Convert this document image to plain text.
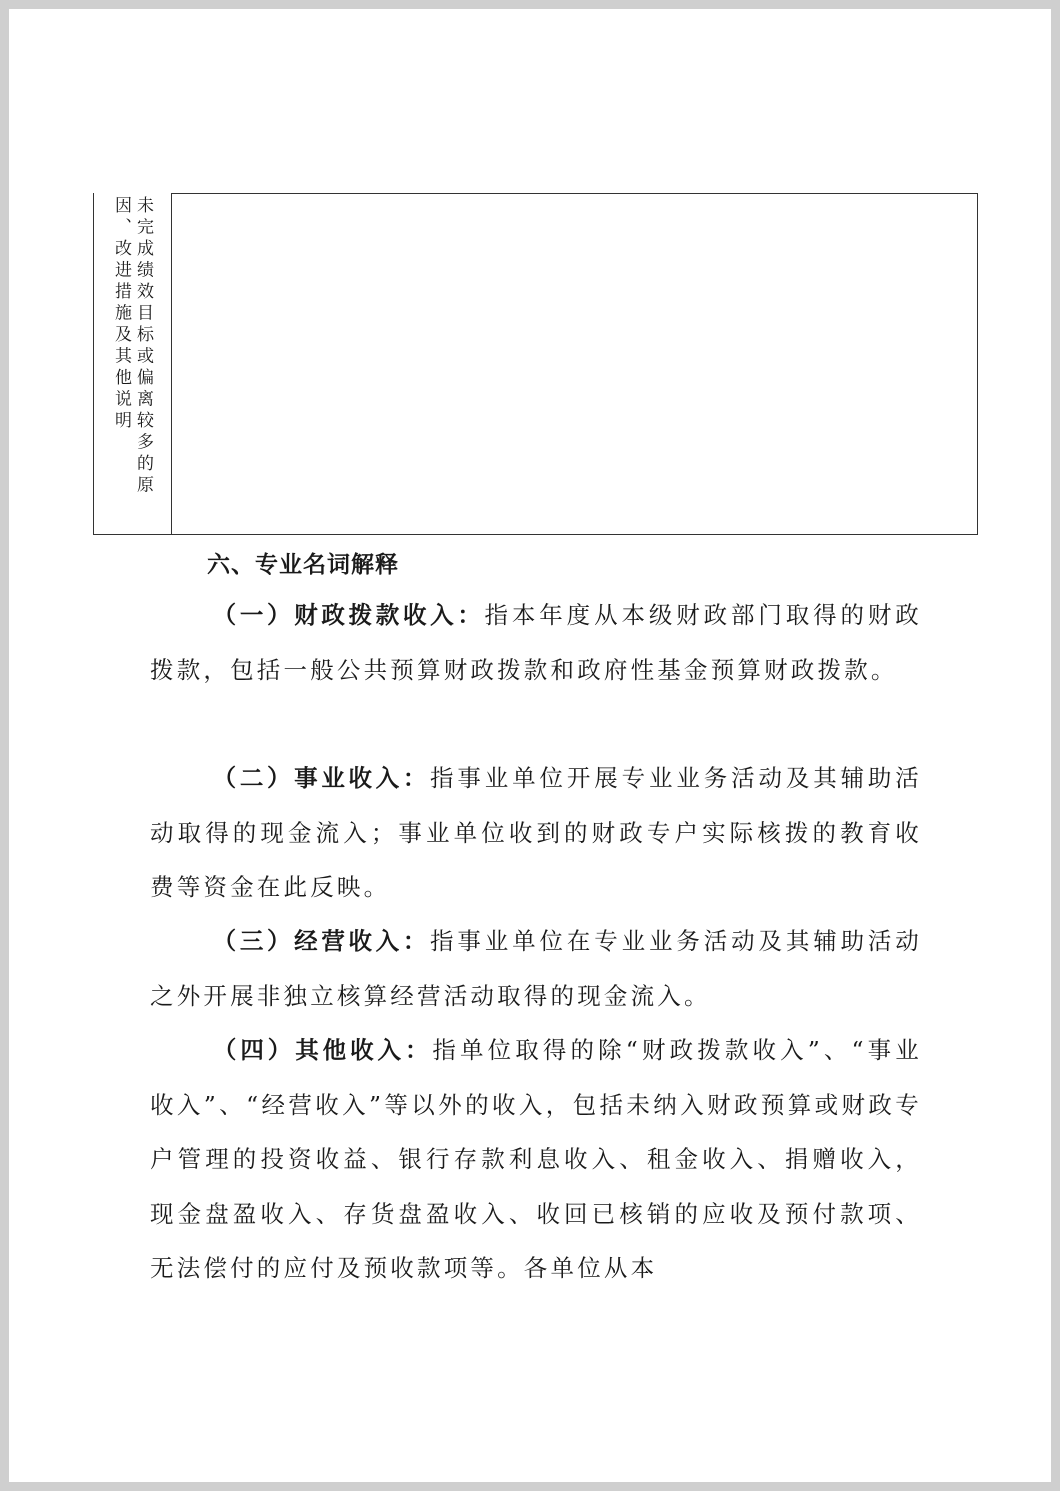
未完成绩效目标或偏离较多的原因、改进措施及其他说明
六、专业名词解释

（一）财政拨款收入：指本年度从本级财政部门取得的财政拨款，包括一般公共预算财政拨款和政府性基金预算财政拨款。

（二）事业收入：指事业单位开展专业业务活动及其辅助活动取得的现金流入；事业单位收到的财政专户实际核拨的教育收费等资金在此反映。

（三）经营收入：指事业单位在专业业务活动及其辅助活动之外开展非独立核算经营活动取得的现金流入。

（四）其他收入：指单位取得的除“财政拨款收入”、“事业收入”、“经营收入”等以外的收入，包括未纳入财政预算或财政专户管理的投资收益、银行存款利息收入、租金收入、捐赠收入，现金盘盈收入、存货盘盈收入、收回已核销的应收及预付款项、无法偿付的应付及预收款项等。各单位从本
